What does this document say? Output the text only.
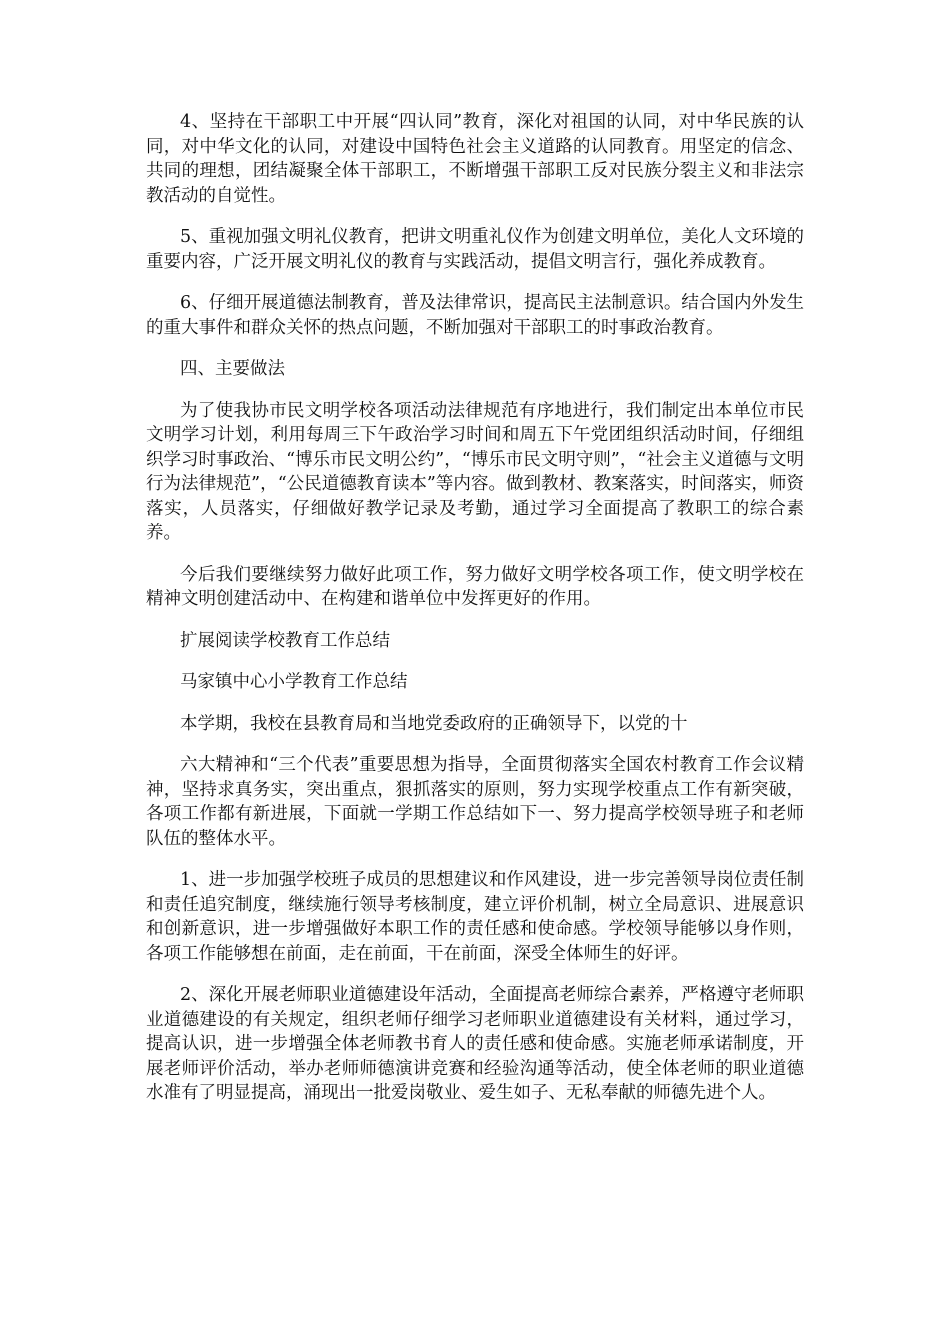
4、坚持在干部职工中开展“四认同”教育，深化对祖国的认同，对中华民族的认同，对中华文化的认同，对建设中国特色社会主义道路的认同教育。用坚定的信念、共同的理想，团结凝聚全体干部职工，不断增强干部职工反对民族分裂主义和非法宗教活动的自觉性。

5、重视加强文明礼仪教育，把讲文明重礼仪作为创建文明单位，美化人文环境的重要内容，广泛开展文明礼仪的教育与实践活动，提倡文明言行，强化养成教育。

6、仔细开展道德法制教育，普及法律常识，提高民主法制意识。结合国内外发生的重大事件和群众关怀的热点问题，不断加强对干部职工的时事政治教育。

四、主要做法

为了使我协市民文明学校各项活动法律规范有序地进行，我们制定出本单位市民文明学习计划，利用每周三下午政治学习时间和周五下午党团组织活动时间，仔细组织学习时事政治、“博乐市民文明公约”，“博乐市民文明守则”，“社会主义道德与文明行为法律规范”，“公民道德教育读本”等内容。做到教材、教案落实，时间落实，师资落实，人员落实，仔细做好教学记录及考勤，通过学习全面提高了教职工的综合素养。

今后我们要继续努力做好此项工作，努力做好文明学校各项工作，使文明学校在精神文明创建活动中、在构建和谐单位中发挥更好的作用。

扩展阅读学校教育工作总结

马家镇中心小学教育工作总结

本学期，我校在县教育局和当地党委政府的正确领导下，以党的十

六大精神和“三个代表”重要思想为指导，全面贯彻落实全国农村教育工作会议精神，坚持求真务实，突出重点，狠抓落实的原则，努力实现学校重点工作有新突破，各项工作都有新进展，下面就一学期工作总结如下一、努力提高学校领导班子和老师队伍的整体水平。

1、进一步加强学校班子成员的思想建议和作风建设，进一步完善领导岗位责任制和责任追究制度，继续施行领导考核制度，建立评价机制，树立全局意识、进展意识和创新意识，进一步增强做好本职工作的责任感和使命感。学校领导能够以身作则，各项工作能够想在前面，走在前面，干在前面，深受全体师生的好评。

2、深化开展老师职业道德建设年活动，全面提高老师综合素养，严格遵守老师职业道德建设的有关规定，组织老师仔细学习老师职业道德建设有关材料，通过学习，提高认识，进一步增强全体老师教书育人的责任感和使命感。实施老师承诺制度，开展老师评价活动，举办老师师德演讲竞赛和经验沟通等活动，使全体老师的职业道德水准有了明显提高，涌现出一批爱岗敬业、爱生如子、无私奉献的师德先进个人。
